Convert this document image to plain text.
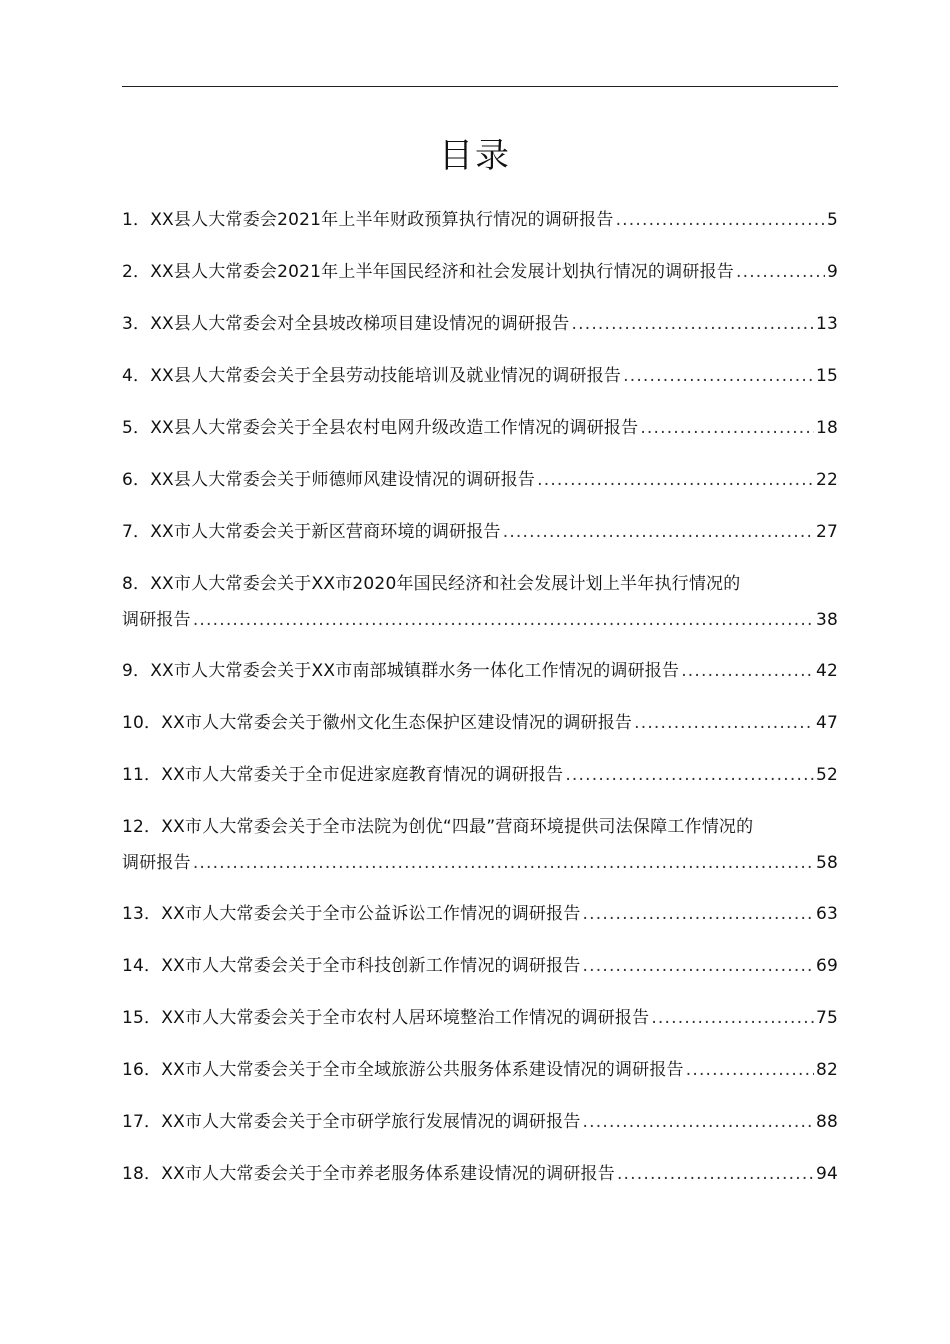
目录
1．XX县人大常委会2021年上半年财政预算执行情况的调研报告 .....	5
2．XX县人大常委会2021年上半年国民经济和社会发展计划执行情况的调研报告 .....	9
3．XX县人大常委会对全县坡改梯项目建设情况的调研报告 .....	13
4．XX县人大常委会关于全县劳动技能培训及就业情况的调研报告 .....	15
5．XX县人大常委会关于全县农村电网升级改造工作情况的调研报告 .....	18
6．XX县人大常委会关于师德师风建设情况的调研报告 .....	22
7．XX市人大常委会关于新区营商环境的调研报告 .....	27
8．XX市人大常委会关于XX市2020年国民经济和社会发展计划上半年执行情况的
调研报告 .....	38
9．XX市人大常委会关于XX市南部城镇群水务一体化工作情况的调研报告 .....	42
10．XX市人大常委会关于徽州文化生态保护区建设情况的调研报告 .....	47
11．XX市人大常委关于全市促进家庭教育情况的调研报告 .....	52
12．XX市人大常委会关于全市法院为创优“四最”营商环境提供司法保障工作情况的
调研报告 .....	58
13．XX市人大常委会关于全市公益诉讼工作情况的调研报告 .....	63
14．XX市人大常委会关于全市科技创新工作情况的调研报告 .....	69
15．XX市人大常委会关于全市农村人居环境整治工作情况的调研报告 .....	75
16．XX市人大常委会关于全市全域旅游公共服务体系建设情况的调研报告 .....	82
17．XX市人大常委会关于全市研学旅行发展情况的调研报告 .....	88
18．XX市人大常委会关于全市养老服务体系建设情况的调研报告 .....	94
